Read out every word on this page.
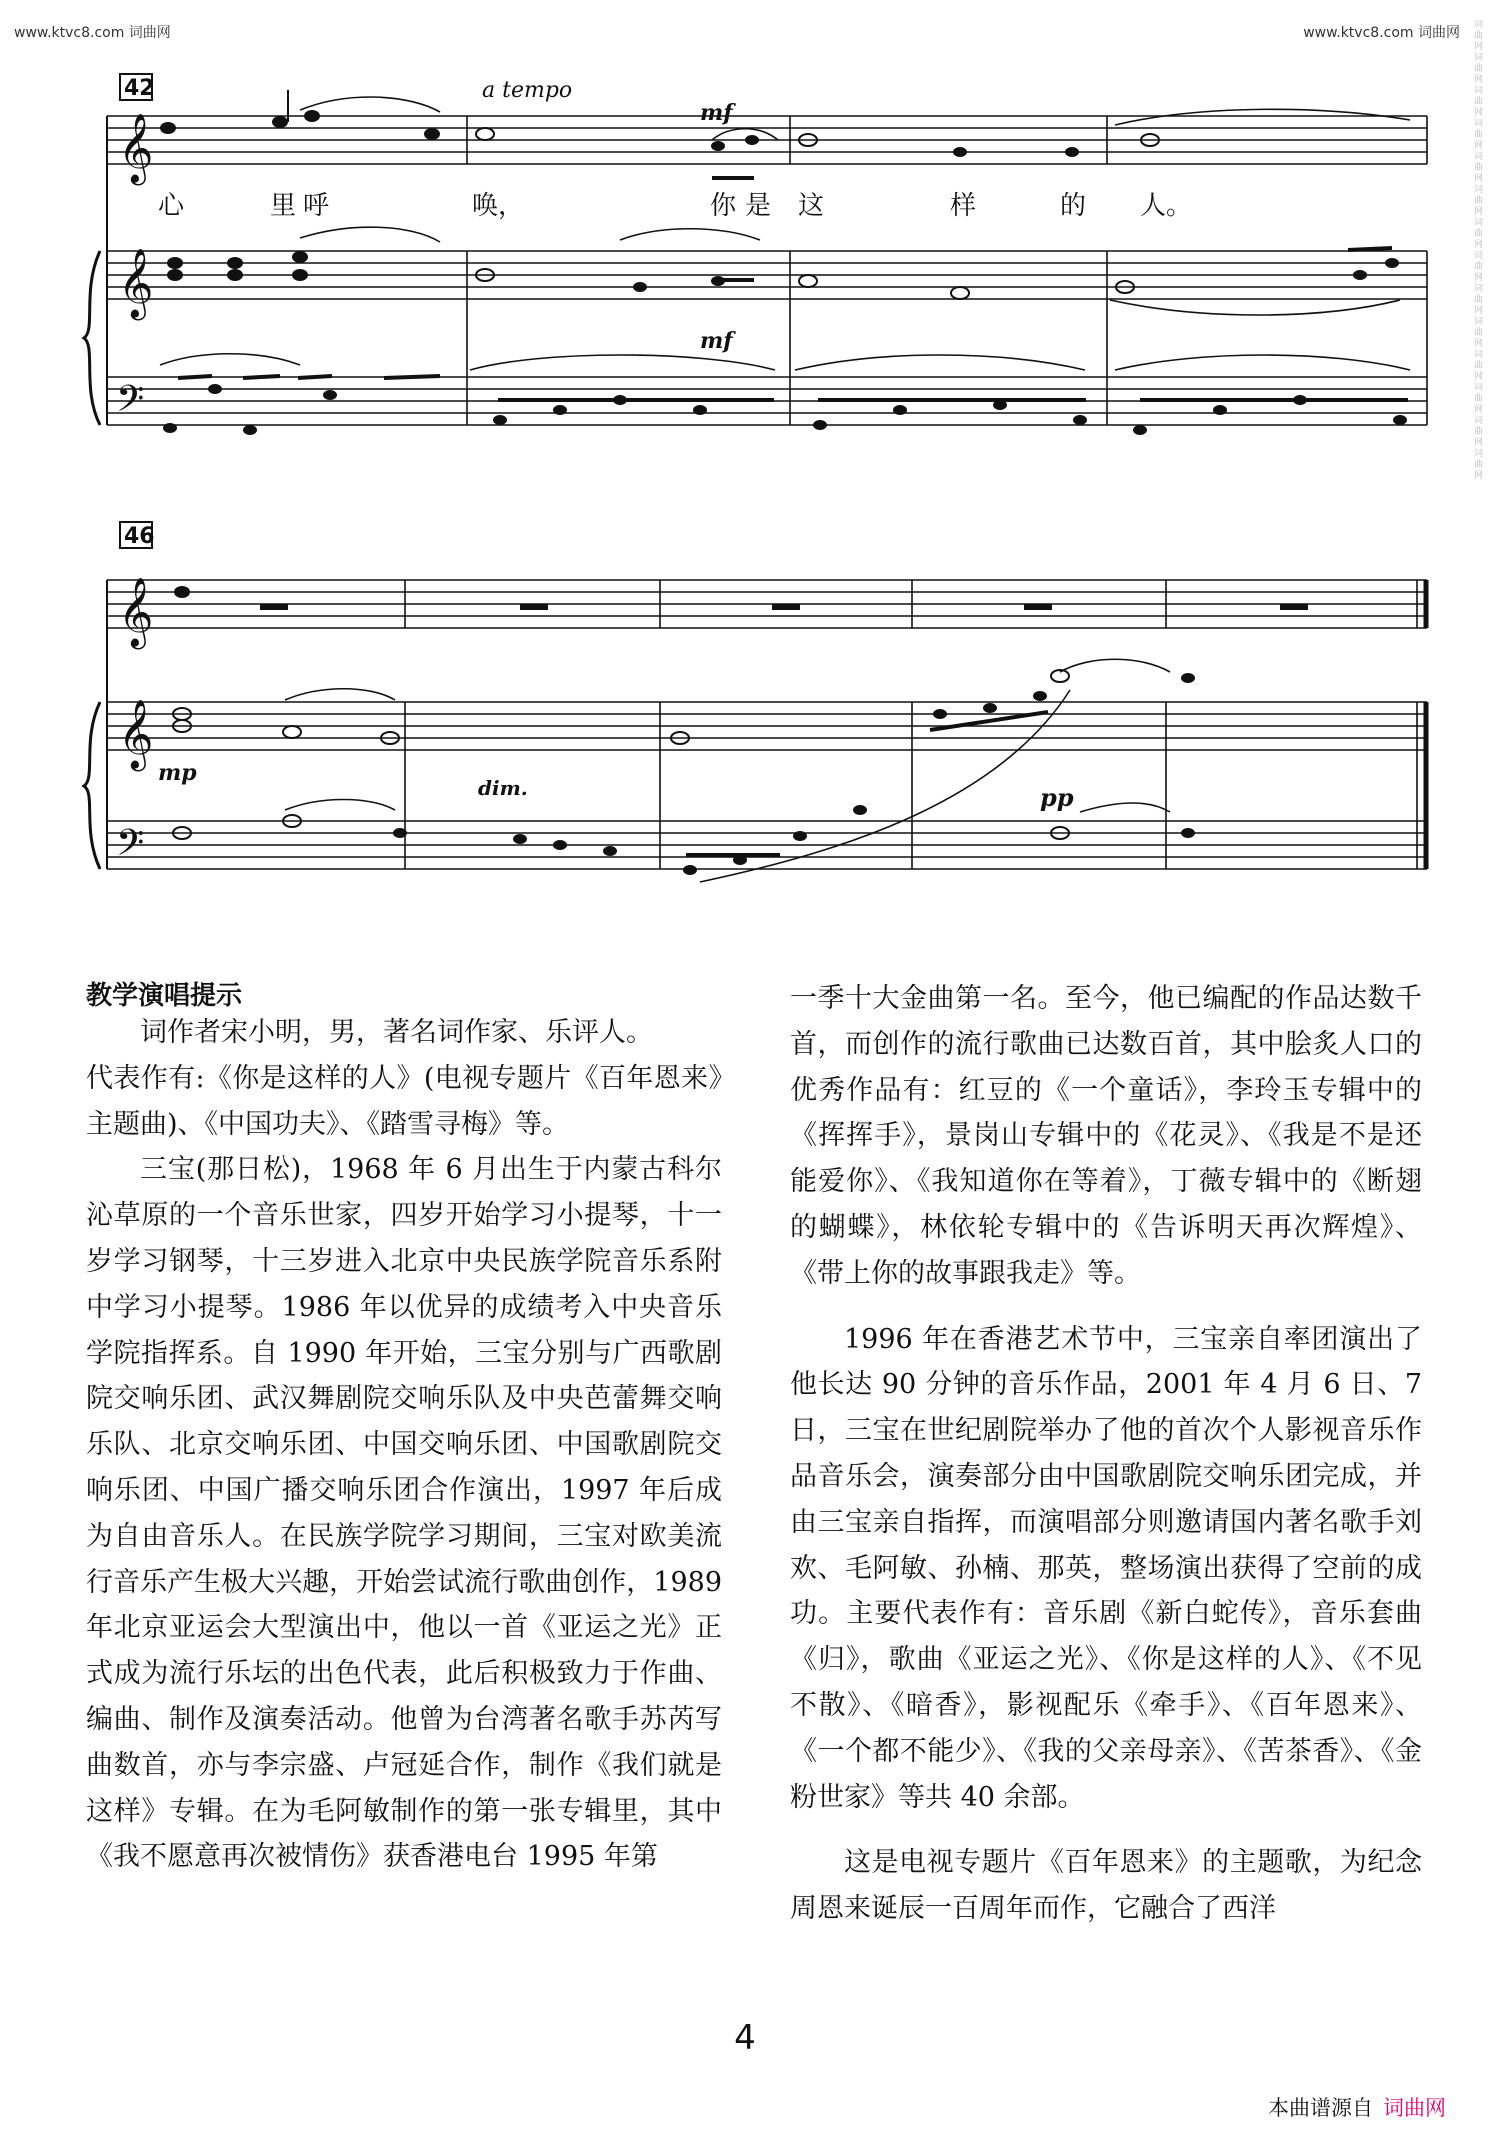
www.ktvc8.com 词曲网	www.ktvc8.com 词曲网 词曲网词曲网词曲网词曲网词曲网词曲网词曲网词曲网词曲网词曲网词曲网词曲网词曲网词曲网
𝄞
𝄞
𝄢
𝄞
𝄞
𝄢
42
46
a tempo
mf
mf
mp
dim.	pp
心	里 呼	唤，	你 是 这	样	的 人。
教学演唱提示

词作者宋小明，男，著名词作家、乐评人。

代表作有:《你是这样的人》(电视专题片《百年恩来》主题曲)、《中国功夫》、《踏雪寻梅》等。

三宝(那日松)，1968 年 6 月出生于内蒙古科尔沁草原的一个音乐世家，四岁开始学习小提琴，十一岁学习钢琴，十三岁进入北京中央民族学院音乐系附中学习小提琴。1986 年以优异的成绩考入中央音乐学院指挥系。自 1990 年开始，三宝分别与广西歌剧院交响乐团、武汉舞剧院交响乐队及中央芭蕾舞交响乐队、北京交响乐团、中国交响乐团、中国歌剧院交响乐团、中国广播交响乐团合作演出，1997 年后成为自由音乐人。在民族学院学习期间，三宝对欧美流行音乐产生极大兴趣，开始尝试流行歌曲创作，1989 年北京亚运会大型演出中，他以一首《亚运之光》正式成为流行乐坛的出色代表，此后积极致力于作曲、编曲、制作及演奏活动。他曾为台湾著名歌手苏芮写曲数首，亦与李宗盛、卢冠延合作，制作《我们就是这样》专辑。在为毛阿敏制作的第一张专辑里，其中《我不愿意再次被情伤》获香港电台 1995 年第

一季十大金曲第一名。至今，他已编配的作品达数千首，而创作的流行歌曲已达数百首，其中脍炙人口的优秀作品有：红豆的《一个童话》，李玲玉专辑中的《挥挥手》，景岗山专辑中的《花灵》、《我是不是还能爱你》、《我知道你在等着》，丁薇专辑中的《断翅的蝴蝶》，林依轮专辑中的《告诉明天再次辉煌》、《带上你的故事跟我走》等。

1996 年在香港艺术节中，三宝亲自率团演出了他长达 90 分钟的音乐作品，2001 年 4 月 6 日、7 日，三宝在世纪剧院举办了他的首次个人影视音乐作品音乐会，演奏部分由中国歌剧院交响乐团完成，并由三宝亲自指挥，而演唱部分则邀请国内著名歌手刘欢、毛阿敏、孙楠、那英，整场演出获得了空前的成功。主要代表作有：音乐剧《新白蛇传》，音乐套曲《归》，歌曲《亚运之光》、《你是这样的人》、《不见不散》、《暗香》，影视配乐《牵手》、《百年恩来》、《一个都不能少》、《我的父亲母亲》、《苦茶香》、《金粉世家》等共 40 余部。

这是电视专题片《百年恩来》的主题歌，为纪念周恩来诞辰一百周年而作，它融合了西洋

4
本曲谱源自 词曲网
